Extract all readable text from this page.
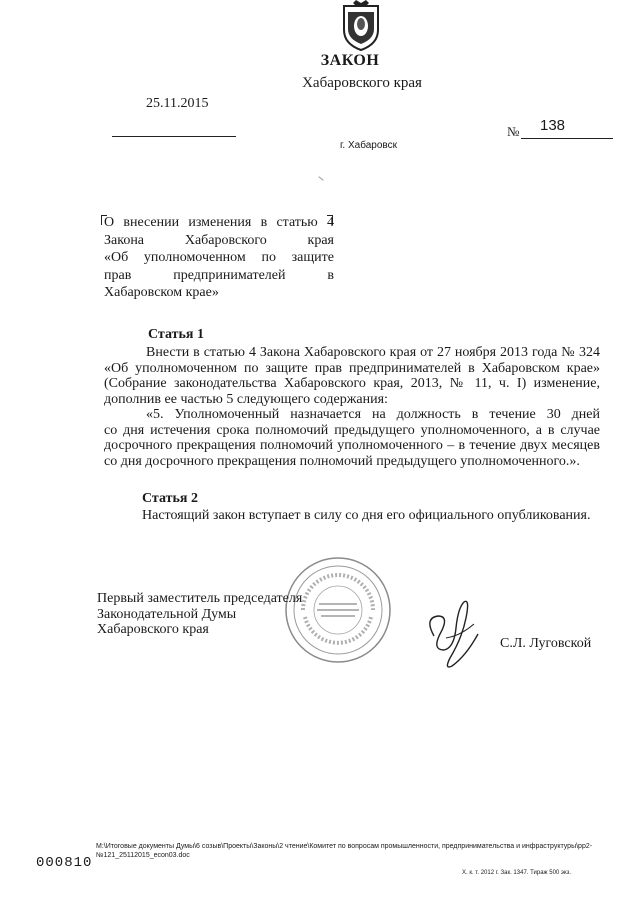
ЗАКОН
Хабаровского края
25.11.2015
№ 138
г. Хабаровск
О внесении изменения в статью 4
Закона Хабаровского края
«Об уполномоченном по защите
прав предпринимателей в
Хабаровском крае»
Статья 1
Внести в статью 4 Закона Хабаровского края от 27 ноября 2013 года № 324
«Об уполномоченном по защите прав предпринимателей в Хабаровском крае»
(Собрание законодательства Хабаровского края, 2013, № 11, ч. I) изменение,
дополнив ее частью 5 следующего содержания:
«5. Уполномоченный назначается на должность в течение 30 дней
со дня истечения срока полномочий предыдущего уполномоченного, а в случае
досрочного прекращения полномочий уполномоченного – в течение двух месяцев
со дня досрочного прекращения полномочий предыдущего уполномоченного.».
Статья 2
Настоящий закон вступает в силу со дня его официального опубликования.
Первый заместитель председателя
Законодательной Думы
Хабаровского края
С.Л. Луговской
M:\Итоговые документы Думы\6 созыв\Проекты\Законы\2 чтение\Комитет по вопросам промышленности, предпринимательства и инфраструктуры\pp2-
№121_25112015_econ03.doc
000810
Х. к. т. 2012 г. Зак. 1347. Тираж 500 экз.
